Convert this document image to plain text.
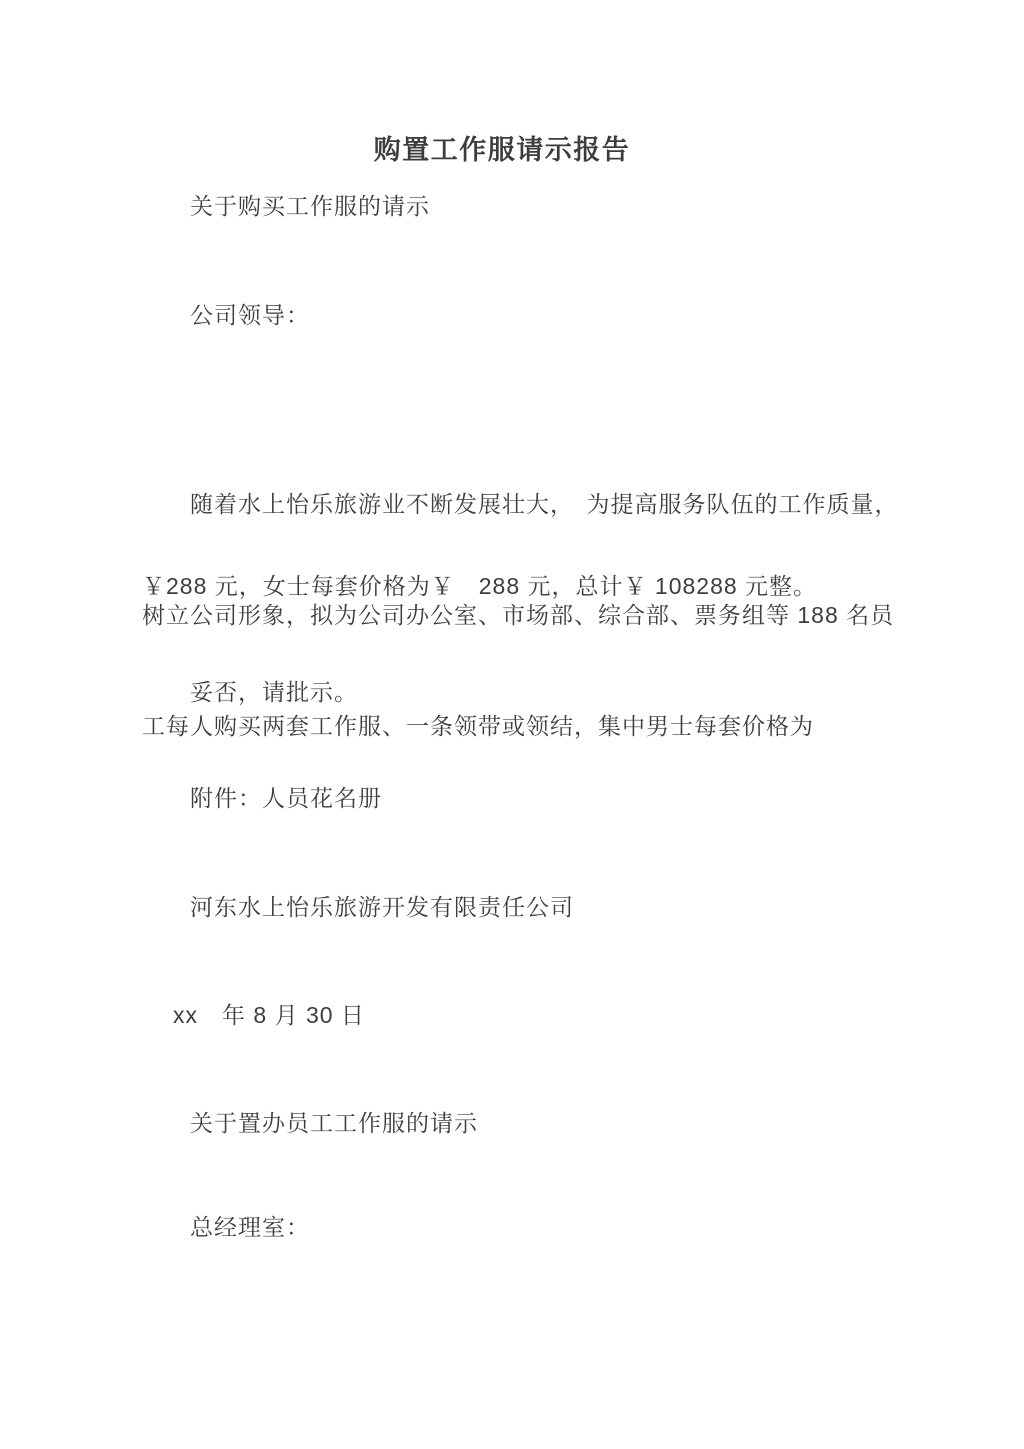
购置工作服请示报告

关于购买工作服的请示

公司领导：

随着水上怡乐旅游业不断发展壮大，　为提高服务队伍的工作质量，

树立公司形象，拟为公司办公室、市场部、综合部、票务组等 188 名员

工每人购买两套工作服、一条领带或领结，集中男士每套价格为

￥288 元，女士每套价格为￥　288 元，总计￥ 108288 元整。

妥否，请批示。

附件：人员花名册

河东水上怡乐旅游开发有限责任公司

xx　年 8 月 30 日

关于置办员工工作服的请示

总经理室：
